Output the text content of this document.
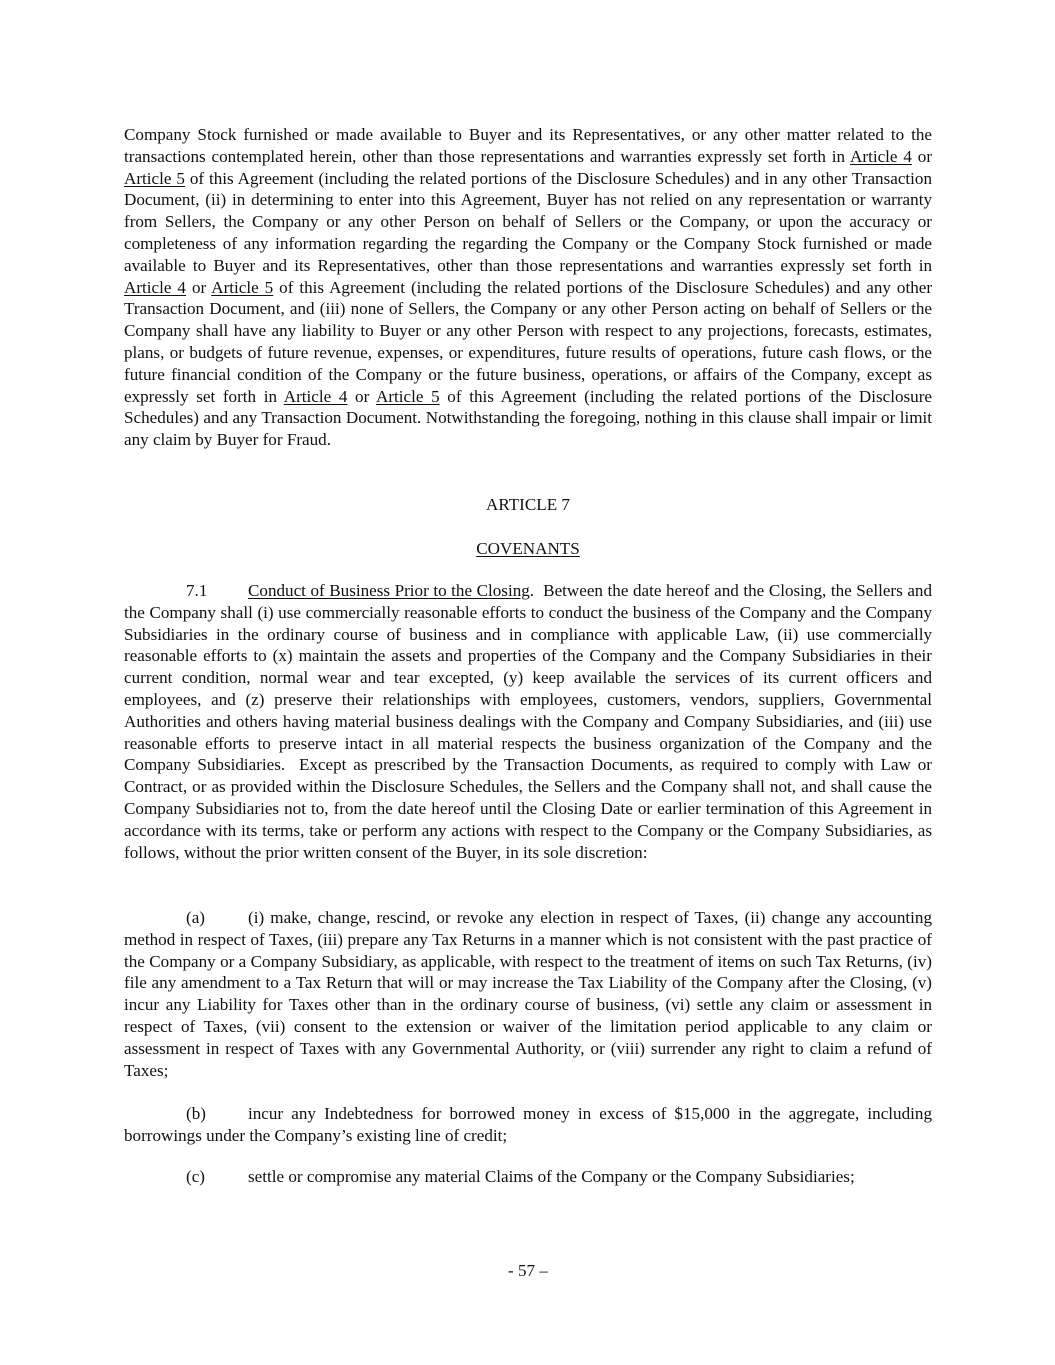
Company Stock furnished or made available to Buyer and its Representatives, or any other matter related to the transactions contemplated herein, other than those representations and warranties expressly set forth in Article 4 or Article 5 of this Agreement (including the related portions of the Disclosure Schedules) and in any other Transaction Document, (ii) in determining to enter into this Agreement, Buyer has not relied on any representation or warranty from Sellers, the Company or any other Person on behalf of Sellers or the Company, or upon the accuracy or completeness of any information regarding the regarding the Company or the Company Stock furnished or made available to Buyer and its Representatives, other than those representations and warranties expressly set forth in Article 4 or Article 5 of this Agreement (including the related portions of the Disclosure Schedules) and any other Transaction Document, and (iii) none of Sellers, the Company or any other Person acting on behalf of Sellers or the Company shall have any liability to Buyer or any other Person with respect to any projections, forecasts, estimates, plans, or budgets of future revenue, expenses, or expenditures, future results of operations, future cash flows, or the future financial condition of the Company or the future business, operations, or affairs of the Company, except as expressly set forth in Article 4 or Article 5 of this Agreement (including the related portions of the Disclosure Schedules) and any Transaction Document. Notwithstanding the foregoing, nothing in this clause shall impair or limit any claim by Buyer for Fraud.

ARTICLE 7

COVENANTS

7.1 Conduct of Business Prior to the Closing.  Between the date hereof and the Closing, the Sellers and the Company shall (i) use commercially reasonable efforts to conduct the business of the Company and the Company Subsidiaries in the ordinary course of business and in compliance with applicable Law, (ii) use commercially reasonable efforts to (x) maintain the assets and properties of the Company and the Company Subsidiaries in their current condition, normal wear and tear excepted, (y) keep available the services of its current officers and employees, and (z) preserve their relationships with employees, customers, vendors, suppliers, Governmental Authorities and others having material business dealings with the Company and Company Subsidiaries, and (iii) use reasonable efforts to preserve intact in all material respects the business organization of the Company and the Company Subsidiaries.  Except as prescribed by the Transaction Documents, as required to comply with Law or Contract, or as provided within the Disclosure Schedules, the Sellers and the Company shall not, and shall cause the Company Subsidiaries not to, from the date hereof until the Closing Date or earlier termination of this Agreement in accordance with its terms, take or perform any actions with respect to the Company or the Company Subsidiaries, as follows, without the prior written consent of the Buyer, in its sole discretion:

(a)	(i) make, change, rescind, or revoke any election in respect of Taxes, (ii) change any accounting method in respect of Taxes, (iii) prepare any Tax Returns in a manner which is not consistent with the past practice of the Company or a Company Subsidiary, as applicable, with respect to the treatment of items on such Tax Returns, (iv) file any amendment to a Tax Return that will or may increase the Tax Liability of the Company after the Closing, (v) incur any Liability for Taxes other than in the ordinary course of business, (vi) settle any claim or assessment in respect of Taxes, (vii) consent to the extension or waiver of the limitation period applicable to any claim or assessment in respect of Taxes with any Governmental Authority, or (viii) surrender any right to claim a refund of Taxes;

(b) incur any Indebtedness for borrowed money in excess of $15,000 in the aggregate, including borrowings under the Company’s existing line of credit;

(c)	settle or compromise any material Claims of the Company or the Company Subsidiaries;

- 57 –
